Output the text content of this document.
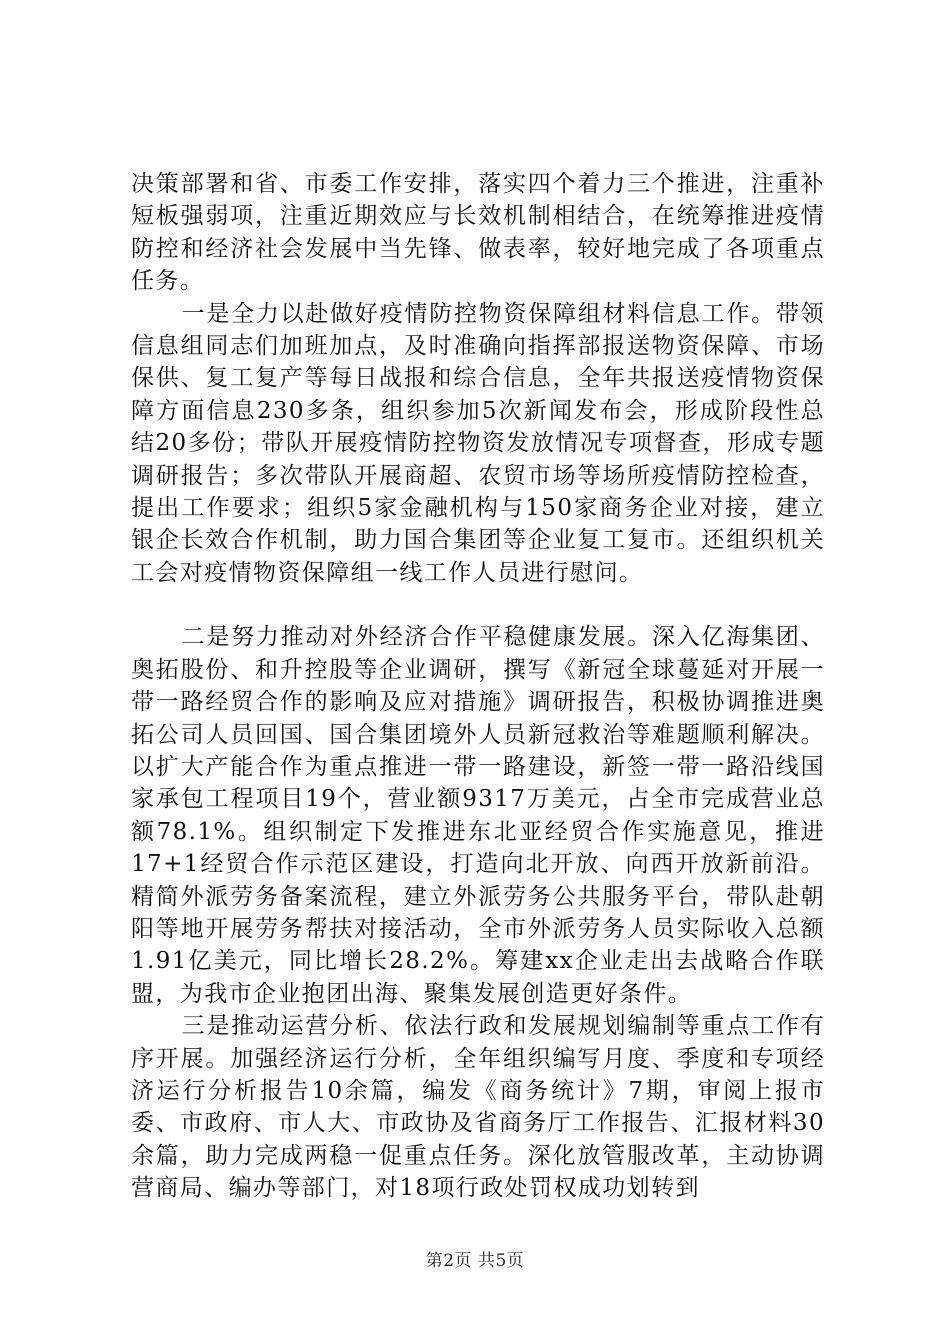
决策部署和省、市委工作安排，落实四个着力三个推进，注重补短板强弱项，注重近期效应与长效机制相结合，在统筹推进疫情防控和经济社会发展中当先锋、做表率，较好地完成了各项重点任务。

一是全力以赴做好疫情防控物资保障组材料信息工作。带领信息组同志们加班加点，及时准确向指挥部报送物资保障、市场保供、复工复产等每日战报和综合信息，全年共报送疫情物资保障方面信息230多条，组织参加5次新闻发布会，形成阶段性总结20多份；带队开展疫情防控物资发放情况专项督查，形成专题调研报告；多次带队开展商超、农贸市场等场所疫情防控检查，提出工作要求；组织5家金融机构与150家商务企业对接，建立银企长效合作机制，助力国合集团等企业复工复市。还组织机关工会对疫情物资保障组一线工作人员进行慰问。

二是努力推动对外经济合作平稳健康发展。深入亿海集团、奥拓股份、和升控股等企业调研，撰写《新冠全球蔓延对开展一带一路经贸合作的影响及应对措施》调研报告，积极协调推进奥拓公司人员回国、国合集团境外人员新冠救治等难题顺利解决。以扩大产能合作为重点推进一带一路建设，新签一带一路沿线国家承包工程项目19个，营业额9317万美元，占全市完成营业总额78.1%。组织制定下发推进东北亚经贸合作实施意见，推进17+1经贸合作示范区建设，打造向北开放、向西开放新前沿。精简外派劳务备案流程，建立外派劳务公共服务平台，带队赴朝阳等地开展劳务帮扶对接活动，全市外派劳务人员实际收入总额1.91亿美元，同比增长28.2%。筹建xx企业走出去战略合作联盟，为我市企业抱团出海、聚集发展创造更好条件。

三是推动运营分析、依法行政和发展规划编制等重点工作有序开展。加强经济运行分析，全年组织编写月度、季度和专项经济运行分析报告10余篇，编发《商务统计》7期，审阅上报市委、市政府、市人大、市政协及省商务厅工作报告、汇报材料30余篇，助力完成两稳一促重点任务。深化放管服改革，主动协调营商局、编办等部门，对18项行政处罚权成功划转到

第2页 共5页
